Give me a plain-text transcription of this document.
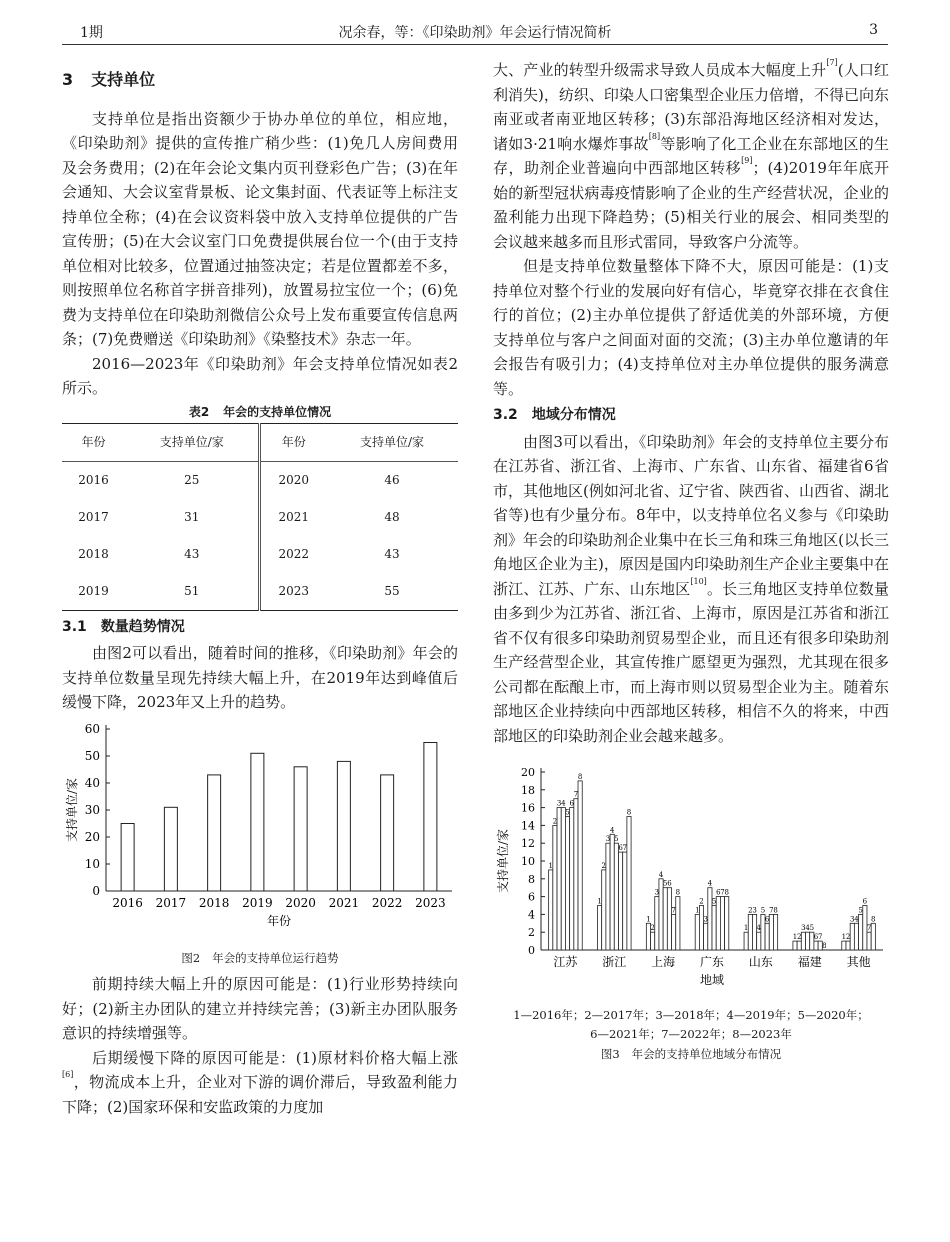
1期	况余春，等：《印染助剂》年会运行情况简析	3
3 支持单位

支持单位是指出资额少于协办单位的单位，相应地，《印染助剂》提供的宣传推广稍少些：(1)免几人房间费用及会务费用；(2)在年会论文集内页刊登彩色广告；(3)在年会通知、大会议室背景板、论文集封面、代表证等上标注支持单位全称；(4)在会议资料袋中放入支持单位提供的广告宣传册；(5)在大会议室门口免费提供展台位一个(由于支持单位相对比较多，位置通过抽签决定；若是位置都差不多，则按照单位名称首字拼音排列)，放置易拉宝位一个；(6)免费为支持单位在印染助剂微信公众号上发布重要宣传信息两条；(7)免费赠送《印染助剂》《染整技术》杂志一年。

2016—2023年《印染助剂》年会支持单位情况如表2所示。

表2 年会的支持单位情况
年份	支持单位/家	年份	支持单位/家
2016	25	2020	46
2017	31	2021	48
2018	43	2022	43
2019	51	2023	55
3.1 数量趋势情况

由图2可以看出，随着时间的推移，《印染助剂》年会的支持单位数量呈现先持续大幅上升，在2019年达到峰值后缓慢下降，2023年又上升的趋势。

0
10
20
30
40
50
60
2016 2017 2018 2019 2020 2021 2022 2023
年份
支持单位/家
图2 年会的支持单位运行趋势

前期持续大幅上升的原因可能是：(1)行业形势持续向好；(2)新主办团队的建立并持续完善；(3)新主办团队服务意识的持续增强等。

后期缓慢下降的原因可能是：(1)原材料价格大幅上涨[6]，物流成本上升，企业对下游的调价滞后，导致盈利能力下降；(2)国家环保和安监政策的力度加

大、产业的转型升级需求导致人员成本大幅度上升[7](人口红利消失)，纺织、印染人口密集型企业压力倍增，不得已向东南亚或者南亚地区转移；(3)东部沿海地区经济相对发达，诸如3·21响水爆炸事故[8]等影响了化工企业在东部地区的生存，助剂企业普遍向中西部地区转移[9]；(4)2019年年底开始的新型冠状病毒疫情影响了企业的生产经营状况，企业的盈利能力出现下降趋势；(5)相关行业的展会、相同类型的会议越来越多而且形式雷同，导致客户分流等。

但是支持单位数量整体下降不大，原因可能是：(1)支持单位对整个行业的发展向好有信心，毕竟穿衣排在衣食住行的首位；(2)主办单位提供了舒适优美的外部环境，方便支持单位与客户之间面对面的交流；(3)主办单位邀请的年会报告有吸引力；(4)支持单位对主办单位提供的服务满意等。

3.2 地域分布情况

由图3可以看出，《印染助剂》年会的支持单位主要分布在江苏省、浙江省、上海市、广东省、山东省、福建省6省市，其他地区(例如河北省、辽宁省、陕西省、山西省、湖北省等)也有少量分布。8年中，以支持单位名义参与《印染助剂》年会的印染助剂企业集中在长三角和珠三角地区(以长三角地区企业为主)，原因是国内印染助剂生产企业主要集中在浙江、江苏、广东、山东地区[10]。长三角地区支持单位数量由多到少为江苏省、浙江省、上海市，原因是江苏省和浙江省不仅有很多印染助剂贸易型企业，而且还有很多印染助剂生产经营型企业，其宣传推广愿望更为强烈，尤其现在很多公司都在酝酿上市，而上海市则以贸易型企业为主。随着东部地区企业持续向中西部地区转移，相信不久的将来，中西部地区的印染助剂企业会越来越多。

0
2
4
6
8
10
12
14
16
18
20
1
2
3 4
5
6
7
8
江苏
1
2
3
4
5
6 7
8
浙江
1
2
3
4
5 6
7
8
上海
1
2
3
4
5
6 7 8
广东
1
2 3
4
5
6
7 8
山东
1 2
3 4 5
6 7
8
福建
1 2
3 4
5
6
7
8
其他
地域
支持单位/家
1—2016年；2—2017年；3—2018年；4—2019年；5—2020年；
6—2021年；7—2022年；8—2023年
图3 年会的支持单位地域分布情况
